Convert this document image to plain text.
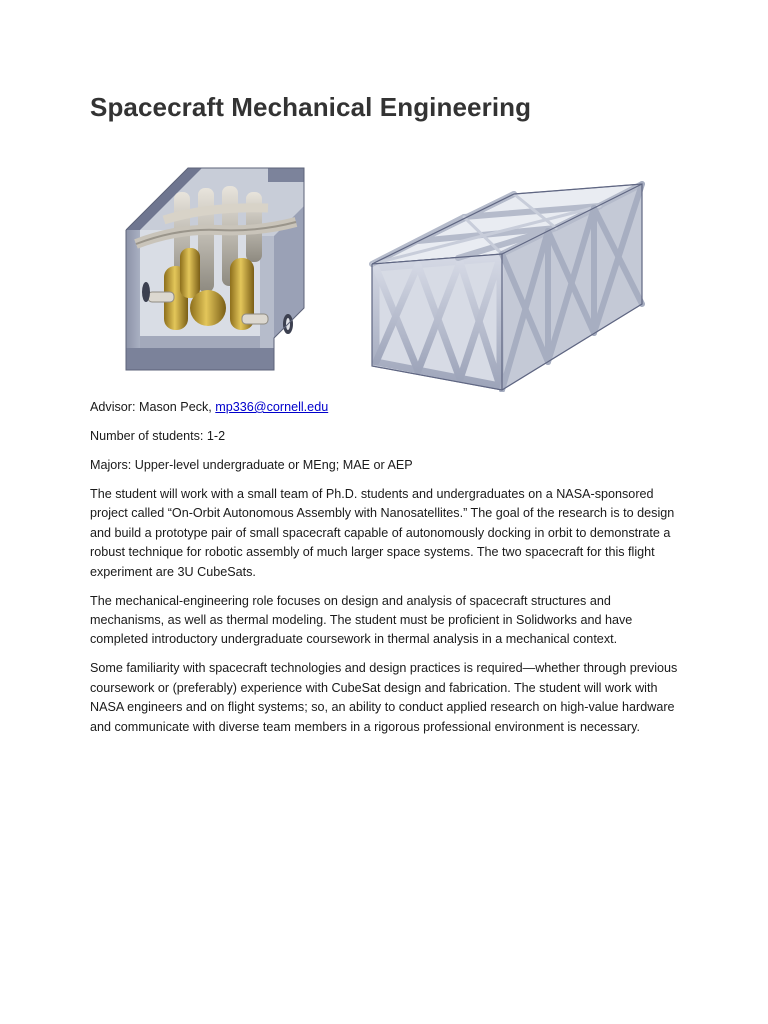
Spacecraft Mechanical Engineering

Advisor: Mason Peck, mp336@cornell.edu

Number of students: 1-2

Majors: Upper-level undergraduate or MEng; MAE or AEP

The student will work with a small team of Ph.D. students and undergraduates on a NASA-sponsored project called “On-Orbit Autonomous Assembly with Nanosatellites.” The goal of the research is to design and build a prototype pair of small spacecraft capable of autonomously docking in orbit to demonstrate a robust technique for robotic assembly of much larger space systems. The two spacecraft for this flight experiment are 3U CubeSats.

The mechanical-engineering role focuses on design and analysis of spacecraft structures and mechanisms, as well as thermal modeling. The student must be proficient in Solidworks and have completed introductory undergraduate coursework in thermal analysis in a mechanical context.

Some familiarity with spacecraft technologies and design practices is required—whether through previous coursework or (preferably) experience with CubeSat design and fabrication. The student will work with NASA engineers and on flight systems; so, an ability to conduct applied research on high-value hardware and communicate with diverse team members in a rigorous professional environment is necessary.
